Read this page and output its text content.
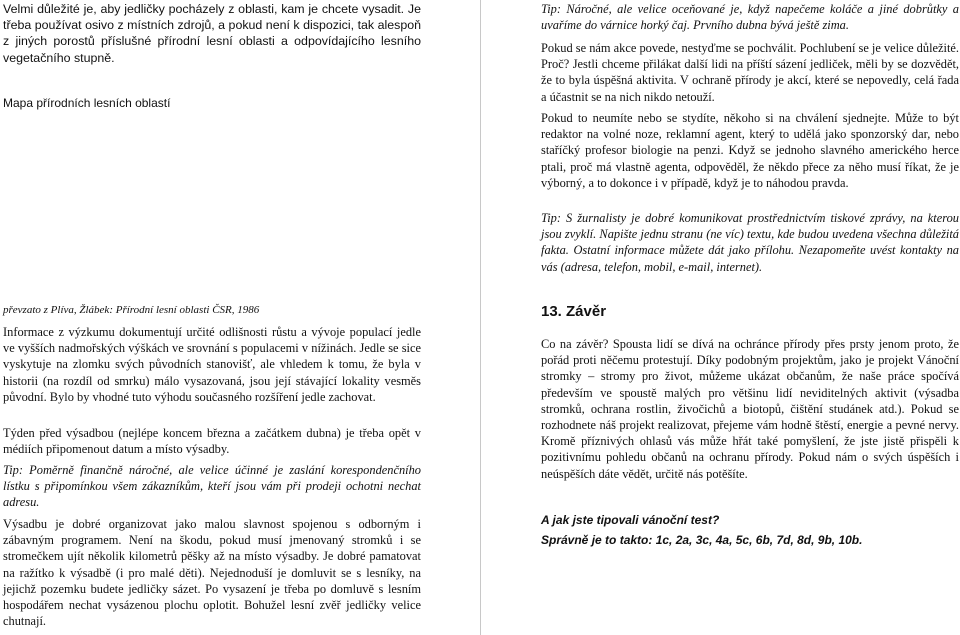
Velmi důležité je, aby jedličky pocházely z oblasti, kam je chcete vysadit. Je třeba používat osivo z místních zdrojů, a pokud není k dispozici, tak alespoň z jiných porostů příslušné přírodní lesní oblasti a odpovídajícího lesního vegetačního stupně.

Mapa přírodních lesních oblastí
převzato z Plíva, Žlábek: Přírodní lesní oblasti ČSR, 1986

Informace z výzkumu dokumentují určité odlišnosti růstu a vývoje populací jedle ve vyšších nadmořských výškách ve srovnání s populacemi v nížinách. Jedle se sice vyskytuje na zlomku svých původních stanovišť, ale vhledem k tomu, že byla v historii (na rozdíl od smrku) málo vysazovaná, jsou její stávající lokality vesměs původní. Bylo by vhodné tuto výhodu současného rozšíření jedle zachovat.

Týden před výsadbou (nejlépe koncem března a začátkem dubna) je třeba opět v médiích připomenout datum a místo výsadby.

Tip: Poměrně finančně náročné, ale velice účinné je zaslání korespondenčního lístku s připomínkou všem zákazníkům, kteří jsou vám při prodeji ochotni nechat adresu.

Výsadbu je dobré organizovat jako malou slavnost spojenou s odborným i zábavným programem. Není na škodu, pokud musí jmenovaný stromků i se stromečkem ujít několik kilometrů pěšky až na místo výsadby. Je dobré pamatovat na ražítko k výsadbě (i pro malé děti). Nejednoduší je domluvit se s lesníky, na jejichž pozemku budete jedličky sázet. Po vysazení je třeba po domluvě s lesním hospodářem nechat vysázenou plochu oplotit. Bohužel lesní zvěř jedličky velice chutnají.

Tip: Náročné, ale velice oceňované je, když napečeme koláče a jiné dobrůtky a uvaříme do várnice horký čaj. Prvního dubna bývá ještě zima.

Pokud se nám akce povede, nestyďme se pochválit. Pochlubení se je velice důležité. Proč? Jestli chceme přilákat další lidi na příští sázení jedliček, měli by se dozvědět, že to byla úspěšná aktivita. V ochraně přírody je akcí, které se nepovedly, celá řada a účastnit se na nich nikdo netouží.

Pokud to neumíte nebo se stydíte, někoho si na chválení sjednejte. Může to být redaktor na volné noze, reklamní agent, který to udělá jako sponzorský dar, nebo staříčký profesor biologie na penzi. Když se jednoho slavného amerického herce ptali, proč má vlastně agenta, odpověděl, že někdo přece za něho musí říkat, že je výborný, a to dokonce i v případě, když je to náhodou pravda.

Tip: S žurnalisty je dobré komunikovat prostřednictvím tiskové zprávy, na kterou jsou zvyklí. Napište jednu stranu (ne víc) textu, kde budou uvedena všechna důležitá fakta. Ostatní informace můžete dát jako přílohu. Nezapomeňte uvést kontakty na vás (adresa, telefon, mobil, e-mail, internet).

13. Závěr

Co na závěr? Spousta lidí se dívá na ochránce přírody přes prsty jenom proto, že pořád proti něčemu protestují. Díky podobným projektům, jako je projekt Vánoční stromky – stromy pro život, můžeme ukázat občanům, že naše práce spočívá především ve spoustě malých pro většinu lidí neviditelných aktivit (výsadba stromků, ochrana rostlin, živočichů a biotopů, čištění studánek atd.). Pokud se rozhodnete náš projekt realizovat, přejeme vám hodně štěstí, energie a pevné nervy. Kromě příznivých ohlasů vás může hřát také pomyšlení, že jste jistě přispěli k pozitivnímu pohledu občanů na ochranu přírody. Pokud nám o svých úspěších i neúspěších dáte vědět, určitě nás potěšíte.

A jak jste tipovali vánoční test?
Správně je to takto: 1c, 2a, 3c, 4a, 5c, 6b, 7d, 8d, 9b, 10b.
